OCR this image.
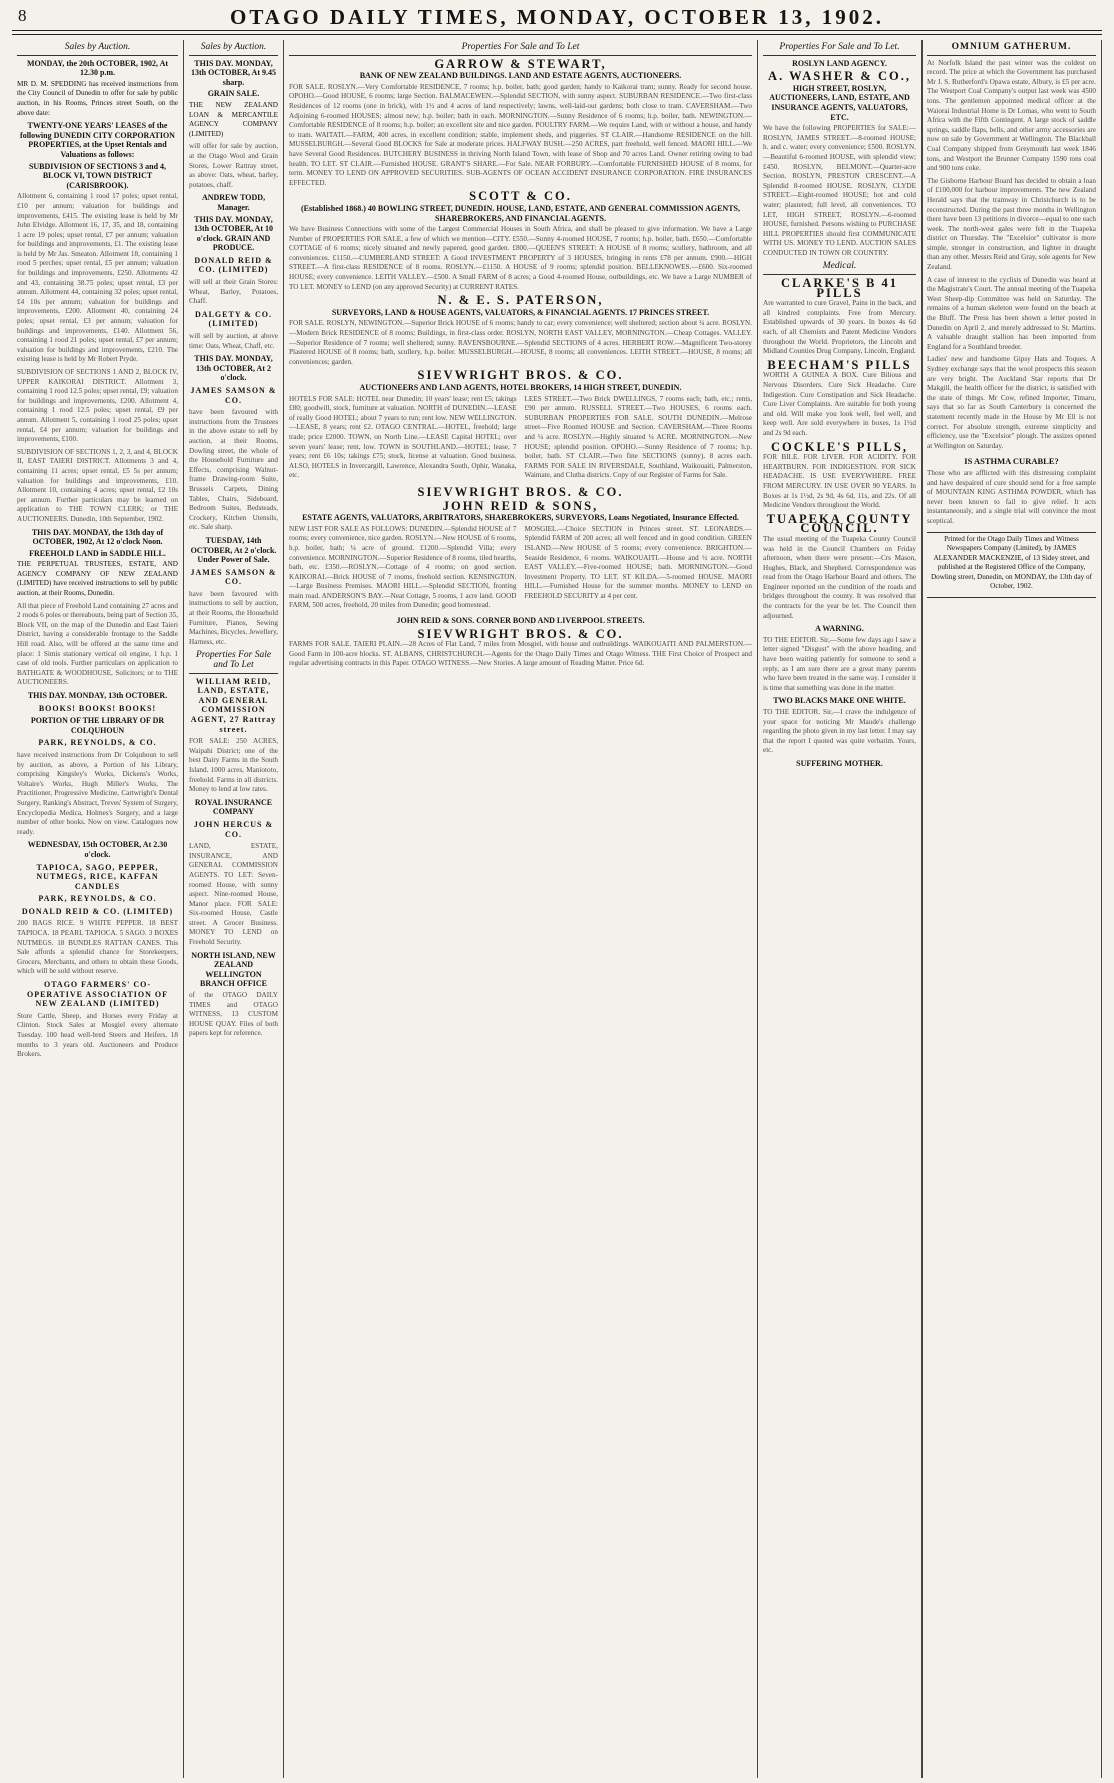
8	OTAGO DAILY TIMES, MONDAY, OCTOBER 13, 1902.
Sales by Auction.

MONDAY, the 20th OCTOBER, 1902, At 12.30 p.m.

MR D. M. SPEDDING has received instructions from the City Council of Dunedin to offer for sale by public auction, in his Rooms, Princes street South, on the above date:

TWENTY-ONE YEARS' LEASES of the following DUNEDIN CITY CORPORATION PROPERTIES, at the Upset Rentals and Valuations as follows:

SUBDIVISION OF SECTIONS 3 and 4, BLOCK VI, TOWN DISTRICT (CARISBROOK).

Allotment 6, containing 1 rood 17 poles; upset rental, £10 per annum; valuation for buildings and improvements, £415. The existing lease is held by Mr John Elvidge. Allotment 16, 17, 35, and 18, containing 1 acre 19 poles; upset rental, £7 per annum; valuation for buildings and improvements, £1. The existing lease is held by Mr Jas. Smeaton. Allotment 18, containing 1 rood 5 perches; upset rental, £5 per annum; valuation for buildings and improvements, £250. Allotments 42 and 43, containing 38.75 poles; upset rental, £3 per annum. Allotment 44, containing 32 poles; upset rental, £4 10s per annum; valuation for buildings and improvements, £200. Allotment 40, containing 24 poles; upset rental, £3 per annum; valuation for buildings and improvements, £140. Allotment 56, containing 1 rood 21 poles; upset rental, £7 per annum; valuation for buildings and improvements, £210. The existing lease is held by Mr Robert Pryde.

SUBDIVISION OF SECTIONS 1 AND 2, BLOCK IV, UPPER KAIKORAI DISTRICT. Allotment 3, containing 1 rood 12.5 poles; upset rental, £9; valuation for buildings and improvements, £200. Allotment 4, containing 1 rood 12.5 poles; upset rental, £9 per annum. Allotment 5, containing 1 rood 25 poles; upset rental, £4 per annum; valuation for buildings and improvements, £100.

SUBDIVISION OF SECTIONS 1, 2, 3, and 4, BLOCK II, EAST TAIERI DISTRICT. Allotments 3 and 4, containing 11 acres; upset rental, £5 5s per annum; valuation for buildings and improvements, £10. Allotment 10, containing 4 acres; upset rental, £2 10s per annum. Further particulars may be learned on application to THE TOWN CLERK; or THE AUCTIONEERS. Dunedin, 10th September, 1902.

THIS DAY. MONDAY, the 13th day of OCTOBER, 1902, At 12 o'clock Noon.

FREEHOLD LAND in SADDLE HILL.

THE PERPETUAL TRUSTEES, ESTATE, AND AGENCY COMPANY OF NEW ZEALAND (LIMITED) have received instructions to sell by public auction, at their Rooms, Dunedin.

All that piece of Freehold Land containing 27 acres and 2 roods 6 poles or thereabouts, being part of Section 35, Block VII, on the map of the Dunedin and East Taieri District, having a considerable frontage to the Saddle Hill road. Also, will be offered at the same time and place: 1 Simis stationary vertical oil engine, 1 h.p. 1 case of old tools. Further particulars on application to BATHGATE & WOODHOUSE, Solicitors; or to THE AUCTIONEERS.

THIS DAY. MONDAY, 13th OCTOBER.

BOOKS! BOOKS! BOOKS!

PORTION OF THE LIBRARY OF DR COLQUHOUN

PARK, REYNOLDS, & CO.

have received instructions from Dr Colquhoun to sell by auction, as above, a Portion of his Library, comprising Kingsley's Works, Dickens's Works, Voltaire's Works, Hugh Miller's Works, The Practitioner, Progressive Medicine, Cartwright's Dental Surgery, Ranking's Abstract, Treves' System of Surgery, Encyclopedia Medica, Holmes's Surgery, and a large number of other books. Now on view. Catalogues now ready.

WEDNESDAY, 15th OCTOBER, At 2.30 o'clock.

TAPIOCA, SAGO, PEPPER, NUTMEGS, RICE, KAFFAN CANDLES

PARK, REYNOLDS, & CO.

DONALD REID & CO. (LIMITED)

200 BAGS RICE. 9 WHITE PEPPER. 18 BEST TAPIOCA. 18 PEARL TAPIOCA. 5 SAGO. 3 BOXES NUTMEGS. 18 BUNDLES RATTAN CANES. This Sale affords a splendid chance for Storekeepers, Grocers, Merchants, and others to obtain these Goods, which will be sold without reserve.

OTAGO FARMERS' CO-OPERATIVE ASSOCIATION OF NEW ZEALAND (LIMITED)

Store Cattle, Sheep, and Horses every Friday at Clinton. Stock Sales at Mosgiel every alternate Tuesday. 100 head well-bred Steers and Heifers, 18 months to 3 years old. Auctioneers and Produce Brokers.

Sales by Auction.

THIS DAY. MONDAY, 13th OCTOBER, At 9.45 sharp.

GRAIN SALE.

THE NEW ZEALAND LOAN & MERCANTILE AGENCY COMPANY (LIMITED)

will offer for sale by auction, at the Otago Wool and Grain Stores, Lower Rattray street, as above: Oats, wheat, barley, potatoes, chaff.

ANDREW TODD, Manager.

THIS DAY. MONDAY, 13th OCTOBER, At 10 o'clock. GRAIN AND PRODUCE.

DONALD REID & CO. (LIMITED)

will sell at their Grain Stores: Wheat, Barley, Potatoes, Chaff.

DALGETY & CO. (LIMITED)

will sell by auction, at above time: Oats, Wheat, Chaff, etc.

THIS DAY. MONDAY, 13th OCTOBER, At 2 o'clock.

JAMES SAMSON & CO.

have been favoured with instructions from the Trustees in the above estate to sell by auction, at their Rooms, Dowling street, the whole of the Household Furniture and Effects, comprising Walnut-frame Drawing-room Suite, Brussels Carpets, Dining Tables, Chairs, Sideboard, Bedroom Suites, Bedsteads, Crockery, Kitchen Utensils, etc. Sale sharp.

TUESDAY, 14th OCTOBER, At 2 o'clock. Under Power of Sale.

JAMES SAMSON & CO.

have been favoured with instructions to sell by auction, at their Rooms, the Household Furniture, Pianos, Sewing Machines, Bicycles, Jewellery, Harness, etc.

Properties For Sale and To Let

WILLIAM REID, LAND, ESTATE, AND GENERAL COMMISSION AGENT, 27 Rattray street.

FOR SALE: 250 ACRES, Waipahi District; one of the best Dairy Farms in the South Island. 1000 acres, Maniototo, freehold. Farms in all districts. Money to lend at low rates.

ROYAL INSURANCE COMPANY

JOHN HERCUS & CO.

LAND, ESTATE, INSURANCE, AND GENERAL COMMISSION AGENTS. TO LET: Seven-roomed House, with sunny aspect. Nine-roomed House, Manor place. FOR SALE: Six-roomed House, Castle street. A Grocer Business. MONEY TO LEND on Freehold Security.

NORTH ISLAND, NEW ZEALAND WELLINGTON BRANCH OFFICE

of the OTAGO DAILY TIMES and OTAGO WITNESS, 13 CUSTOM HOUSE QUAY. Files of both papers kept for reference.

Properties For Sale and To Let
GARROW & STEWART,

BANK OF NEW ZEALAND BUILDINGS. LAND AND ESTATE AGENTS, AUCTIONEERS.

FOR SALE. ROSLYN.—Very Comfortable RESIDENCE, 7 rooms; h.p. boiler, bath; good garden; handy to Kaikorai tram; sunny. Ready for second house. OPOHO.—Good HOUSE, 6 rooms; large Section. BALMACEWEN.—Splendid SECTION, with sunny aspect. SUBURBAN RESIDENCE.—Two first-class Residences of 12 rooms (one in brick), with 1½ and 4 acres of land respectively; lawns, well-laid-out gardens; both close to tram. CAVERSHAM.—Two Adjoining 6-roomed HOUSES; almost new; h.p. boiler; bath in each. MORNINGTON.—Sunny Residence of 6 rooms; h.p. boiler, bath. NEWINGTON.—Comfortable RESIDENCE of 8 rooms; h.p. boiler; an excellent site and nice garden. POULTRY FARM.—We require Land, with or without a house, and handy to tram. WAITATI.—FARM, 400 acres, in excellent condition; stable, implement sheds, and piggeries. ST CLAIR.—Handsome RESIDENCE on the hill. MUSSELBURGH.—Several Good BLOCKS for Sale at moderate prices. HALFWAY BUSH.—250 ACRES, part freehold, well fenced. MAORI HILL.—We have Several Good Residences. BUTCHERY BUSINESS in thriving North Island Town, with lease of Shop and 70 acres Land. Owner retiring owing to bad health. TO LET. ST CLAIR.—Furnished HOUSE. GRANT'S SHARE.—For Sale. NEAR FORBURY.—Comfortable FURNISHED HOUSE of 8 rooms, for term. MONEY TO LEND ON APPROVED SECURITIES. SUB-AGENTS OF OCEAN ACCIDENT INSURANCE CORPORATION. FIRE INSURANCES EFFECTED.

SCOTT & CO.

(Established 1868.) 40 BOWLING STREET, DUNEDIN. HOUSE, LAND, ESTATE, AND GENERAL COMMISSION AGENTS, SHAREBROKERS, AND FINANCIAL AGENTS.

We have Business Connections with some of the Largest Commercial Houses in South Africa, and shall be pleased to give information. We have a Large Number of PROPERTIES FOR SALE, a few of which we mention—CITY. £550.—Sunny 4-roomed HOUSE, 7 rooms; h.p. boiler, bath. £650.—Comfortable COTTAGE of 6 rooms; nicely situated and newly papered, good garden. £800.—QUEEN'S STREET: A HOUSE of 8 rooms; scullery, bathroom, and all conveniences. £1150.—CUMBERLAND STREET: A Good INVESTMENT PROPERTY of 3 HOUSES, bringing in rents £78 per annum. £900.—HIGH STREET.—A first-class RESIDENCE of 8 rooms. ROSLYN.—£1150. A HOUSE of 9 rooms; splendid position. BELLEKNOWES.—£600. Six-roomed HOUSE; every convenience. LEITH VALLEY.—£500. A Small FARM of 8 acres; a Good 4-roomed House, outbuildings, etc. We have a Large NUMBER of TO LET. MONEY to LEND (on any approved Security) at CURRENT RATES.

N. & E. S. PATERSON,

SURVEYORS, LAND & HOUSE AGENTS, VALUATORS, & FINANCIAL AGENTS. 17 PRINCES STREET.

FOR SALE. ROSLYN, NEWINGTON.—Superior Brick HOUSE of 6 rooms; handy to car; every convenience; well sheltered; section about ¼ acre. ROSLYN.—Modern Brick RESIDENCE of 8 rooms; Buildings, in first-class order. ROSLYN, NORTH EAST VALLEY, MORNINGTON.—Cheap Cottages. VALLEY.—Superior Residence of 7 rooms; well sheltered; sunny. RAVENSBOURNE.—Splendid SECTIONS of 4 acres. HERBERT ROW.—Magnificent Two-storey Plastered HOUSE of 8 rooms; bath, scullery, h.p. boiler. MUSSELBURGH.—HOUSE, 8 rooms; all conveniences. LEITH STREET.—HOUSE, 8 rooms; all conveniences; garden.

SIEVWRIGHT BROS. & CO.

AUCTIONEERS AND LAND AGENTS, HOTEL BROKERS, 14 HIGH STREET, DUNEDIN.

HOTELS FOR SALE: HOTEL near Dunedin; 10 years' lease; rent £5; takings £80; goodwill, stock, furniture at valuation. NORTH of DUNEDIN.—LEASE of really Good HOTEL; about 7 years to run; rent low. NEW WELLINGTON.—LEASE, 8 years; rent £2. OTAGO CENTRAL.—HOTEL, freehold; large trade; price £2000. TOWN, on North Line.—LEASE Capital HOTEL; over seven years' lease; rent, low. TOWN in SOUTHLAND.—HOTEL; lease, 7 years; rent £6 10s; takings £75; stock, license at valuation. Good business. ALSO, HOTELS in Invercargill, Lawrence, Alexandra South, Ophir, Wanaka, etc.

LEES STREET.—Two Brick DWELLINGS, 7 rooms each; bath, etc.; rents, £90 per annum. RUSSELL STREET.—Two HOUSES, 6 rooms each. SUBURBAN PROPERTIES FOR SALE. SOUTH DUNEDIN.—Melrose street—Five Roomed HOUSE and Section. CAVERSHAM.—Three Rooms and ¼ acre. ROSLYN.—Highly situated ¼ ACRE. MORNINGTON.—New HOUSE; splendid position. OPOHO.—Sunny Residence of 7 rooms; h.p. boiler, bath. ST CLAIR.—Two fine SECTIONS (sunny), 8 acres each. FARMS FOR SALE IN RIVERSDALE, Southland, Waikouaiti, Palmerston, Waimate, and Clutha districts. Copy of our Register of Farms for Sale.

SIEVWRIGHT BROS. & CO.
JOHN REID & SONS,

ESTATE AGENTS, VALUATORS, ARBITRATORS, SHAREBROKERS, SURVEYORS, Loans Negotiated, Insurance Effected.

NEW LIST FOR SALE AS FOLLOWS: DUNEDIN.—Splendid HOUSE of 7 rooms; every convenience, nice garden. ROSLYN.—New HOUSE of 6 rooms, h.p. boiler, bath; ¼ acre of ground. £1200.—Splendid Villa; every convenience. MORNINGTON.—Superior Residence of 8 rooms, tiled hearths, bath, etc. £350.—ROSLYN.—Cottage of 4 rooms; on good section. KAIKORAI.—Brick HOUSE of 7 rooms, freehold section. KENSINGTON.—Large Business Premises. MAORI HILL.—Splendid SECTION, fronting main road. ANDERSON'S BAY.—Neat Cottage, 5 rooms, 1 acre land. GOOD FARM, 500 acres, freehold, 20 miles from Dunedin; good homestead.

MOSGIEL.—Choice SECTION in Princes street. ST. LEONARDS.—Splendid FARM of 200 acres; all well fenced and in good condition. GREEN ISLAND.—New HOUSE of 5 rooms; every convenience. BRIGHTON.—Seaside Residence, 6 rooms. WAIKOUAITI.—House and ½ acre. NORTH EAST VALLEY.—Five-roomed HOUSE; bath. MORNINGTON.—Good Investment Property. TO LET. ST KILDA.—5-roomed HOUSE. MAORI HILL.—Furnished House for the summer months. MONEY to LEND on FREEHOLD SECURITY at 4 per cent.

JOHN REID & SONS. CORNER BOND AND LIVERPOOL STREETS.

SIEVWRIGHT BROS. & CO.

FARMS FOR SALE. TAIERI PLAIN.—28 Acres of Flat Land, 7 miles from Mosgiel, with house and outbuildings. WAIKOUAITI AND PALMERSTON.—Good Farm in 100-acre blocks. ST. ALBANS, CHRISTCHURCH.—Agents for the Otago Daily Times and Otago Witness. THE First Choice of Prospect and regular advertising contracts in this Paper. OTAGO WITNESS.—New Stories. A large amount of Reading Matter. Price 6d.

Properties For Sale and To Let.

ROSLYN LAND AGENCY.

A. WASHER & CO.,

HIGH STREET, ROSLYN, AUCTIONEERS, LAND, ESTATE, AND INSURANCE AGENTS, VALUATORS, ETC.

We have the following PROPERTIES for SALE:— ROSLYN, JAMES STREET.—8-roomed HOUSE; h. and c. water; every convenience; £500. ROSLYN.—Beautiful 6-roomed HOUSE, with splendid view; £450. ROSLYN, BELMONT.—Quarter-acre Section. ROSLYN, PRESTON CRESCENT.—A Splendid 8-roomed HOUSE. ROSLYN, CLYDE STREET.—Eight-roomed HOUSE; hot and cold water; plastered; full level, all conveniences. TO LET, HIGH STREET, ROSLYN.—6-roomed HOUSE, furnished. Persons wishing to PURCHASE HILL PROPERTIES should first COMMUNICATE WITH US. MONEY TO LEND. AUCTION SALES CONDUCTED IN TOWN OR COUNTRY.

Medical.
CLARKE'S B 41 PILLS

Are warranted to cure Gravel, Pains in the back, and all kindred complaints. Free from Mercury. Established upwards of 30 years. In boxes 4s 6d each, of all Chemists and Patent Medicine Vendors throughout the World. Proprietors, the Lincoln and Midland Counties Drug Company, Lincoln, England.

BEECHAM'S PILLS

WORTH A GUINEA A BOX. Cure Bilious and Nervous Disorders. Cure Sick Headache. Cure Indigestion. Cure Constipation and Sick Headache. Cure Liver Complaints. Are suitable for both young and old. Will make you look well, feel well, and keep well. Are sold everywhere in boxes, 1s 1½d and 2s 9d each.

COCKLE'S PILLS,

FOR BILE. FOR LIVER. FOR ACIDITY. FOR HEARTBURN. FOR INDIGESTION. FOR SICK HEADACHE. IS USE EVERYWHERE. FREE FROM MERCURY. IN USE OVER 90 YEARS. In Boxes at 1s 1½d, 2s 9d, 4s 6d, 11s, and 22s. Of all Medicine Vendors throughout the World.

TUAPEKA COUNTY COUNCIL.

The usual meeting of the Tuapeka County Council was held in the Council Chambers on Friday afternoon, when there were present:—Crs Mason, Hughes, Black, and Shepherd. Correspondence was read from the Otago Harbour Board and others. The Engineer reported on the condition of the roads and bridges throughout the county. It was resolved that the contracts for the year be let. The Council then adjourned.

A WARNING.

TO THE EDITOR. Sir,—Some few days ago I saw a letter signed "Disgust" with the above heading, and have been waiting patiently for someone to send a reply, as I am sure there are a great many parents who have been treated in the same way. I consider it is time that something was done in the matter.

TWO BLACKS MAKE ONE WHITE.

TO THE EDITOR. Sir,—I crave the indulgence of your space for noticing Mr Maude's challenge regarding the photo given in my last letter. I may say that the report I quoted was quite verbatim. Yours, etc.

SUFFERING MOTHER.

OMNIUM GATHERUM.

At Norfolk Island the past winter was the coldest on record. The price at which the Government has purchased Mr J. S. Rutherford's Opawa estate, Albury, is £5 per acre. The Westport Coal Company's output last week was 4500 tons. The gentlemen appointed medical officer at the Waiorai Industrial Home is Dr Lomas, who went to South Africa with the Fifth Contingent. A large stock of saddle springs, saddle flaps, bells, and other army accessories are now on sale by Government at Wellington. The Blackball Coal Company shipped from Greymouth last week 1846 tons, and Westport the Brunner Company 1590 tons coal and 900 tons coke.

The Gisborne Harbour Board has decided to obtain a loan of £100,000 for harbour improvements. The new Zealand Herald says that the tramway in Christchurch is to be reconstructed. During the past three months in Wellington there have been 13 petitions in divorce—equal to one each week. The north-west gales were felt in the Tuapeka district on Thursday. The "Excelsior" cultivator is more simple, stronger in construction, and lighter in draught than any other. Messrs Reid and Gray, sole agents for New Zealand.

A case of interest to the cyclists of Dunedin was heard at the Magistrate's Court. The annual meeting of the Tuapeka West Sheep-dip Committee was held on Saturday. The remains of a human skeleton were found on the beach at the Bluff. The Press has been shown a letter posted in Dunedin on April 2, and merely addressed to St. Martins. A valuable draught stallion has been imported from England for a Southland breeder.

Ladies' new and handsome Gipsy Hats and Toques. A Sydney exchange says that the wool prospects this season are very bright. The Auckland Star reports that Dr Makgill, the health officer for the district, is satisfied with the state of things. Mr Cow, refined Importer, Timaru, says that so far as South Canterbury is concerned the statement recently made in the House by Mr Ell is not correct. For absolute strength, extreme simplicity and efficiency, use the "Excelsior" plough. The assizes opened at Wellington on Saturday.

IS ASTHMA CURABLE?

Those who are afflicted with this distressing complaint and have despaired of cure should send for a free sample of MOUNTAIN KING ASTHMA POWDER, which has never been known to fail to give relief. It acts instantaneously, and a single trial will convince the most sceptical.

Printed for the Otago Daily Times and Witness Newspapers Company (Limited), by JAMES ALEXANDER MACKENZIE, of 13 Sidey street, and published at the Registered Office of the Company, Dowling street, Dunedin, on MONDAY, the 13th day of October, 1902.
